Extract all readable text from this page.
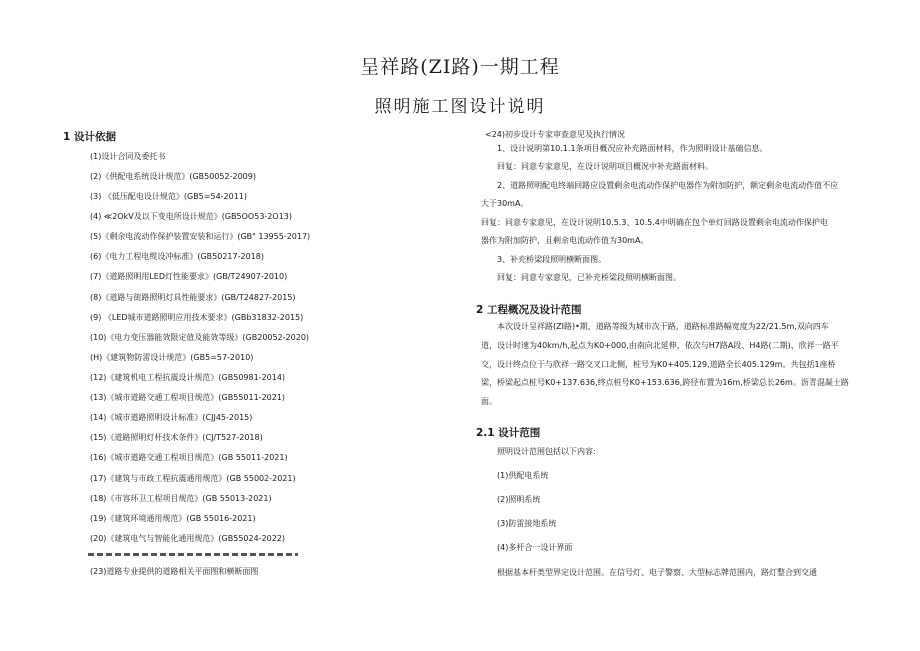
呈祥路(ZI路)一期工程
照明施工图设计说明
1 设计依据
(1)设计合同及委托书
(2)《供配电系统设计规范》(GB50052-2009)
(3) 《低压配电设计规范》(GB5=54-2011)
(4) ≪2OkV及以下变电所设计规范》(GB5OO53-2O13)
(5)《剩余电流动作保护装置安装和运行》(GB" 13955-2017)
(6)《电力工程电缆设冲标准》(GB50217-2018)
(7)《道路照明用LED灯性能要求》(GB/T24907-2010)
(8)《道路与街路照明灯具性能要求》(GB/T24827-2015)
(9) 《LED城市道路照明应用技术要求》(GBb31832-2015)
(10)《电力变压器能效限定值及能效等级》(GB20052-2020)
(H)《建筑物防雷设计规范》(GB5=57-2010)
(12)《建筑机电工程抗震设计规范》(GB50981-2014)
(13)《城市道路交通工程项目规范》(GB55011-2021)
(14)《城市道路照明设计标准》(CJJ45-2015)
(15)《道路照明灯杆技术条件》(CJ/T527-2018)
(16)《城市道路交通工程项目规范》(GB 55011-2021)
(17)《建筑与市政工程抗震通用规范》(GB 55002-2021)
(18)《市容环卫工程项目规范》(GB 55013-2021)
(19)《建筑环境通用规范》(GB 55016-2021)
(20)《建筑电气与智能化通用规范》(GB55024-2022)
(23)道路专业提供的道路相关平面图和横断面图
<24)初步设计专家审查意见及执行情况
1、设计说明第10.1.1条项目概况应补充路面材料，作为照明设计基础信息。
回复：同意专家意见，在设计说明项目概况中补充路面材料。
2、道路照明配电终端回路应设置剩余电流动作保护电器作为附加防护，额定剩余电流动作值不应
大于30mA。
回复：同意专家意见，在设计说明10.5.3、10.5.4中明确在包个单灯回路设置剩余电流动作保护电
器作为附加防护，且剩余电流动作值为30mA。
3、补充桥梁段照明横断面图。
回复：同意专家意见，已补充桥梁段照明横断面图。
2 工程概况及设计范围
本次设计呈祥路(ZI路)•期，道路等级为城市次干路，道路标准路幅宽度为22/21.5m,双向四车
道，设计时速为40km/h,起点为K0+000,由南向北延伸，依次与H7路A段、H4路(二期)、欣祥一路平
交，设计终点位于与欣祥一路交叉口北侧，桩号为K0+405.129,道路全长405.129m。共包括1座桥
梁，桥梁起点桩号K0+137.636,终点桩号K0+153.636,跨径布置为16m,桥梁总长26m。沥青混凝土路
面。
2.1 设计范围
照明设计范围包括以下内容:
(1)供配电系统
(2)照明系统
(3)防雷接地系统
(4)多杆合一设计界面
根据基本杆类型界定设计范围。在信号灯、电子警察、大型标志牌范围内，路灯整合到交通
